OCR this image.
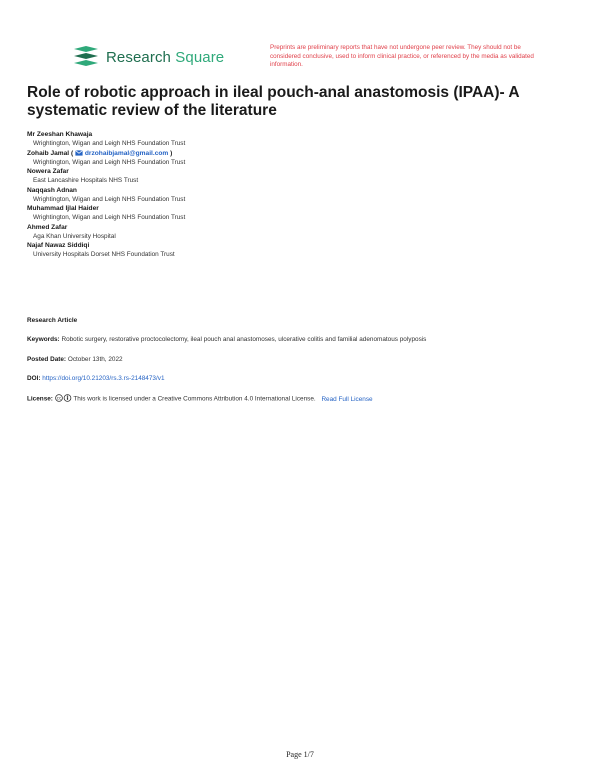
Research Square
Preprints are preliminary reports that have not undergone peer review. They should not be considered conclusive, used to inform clinical practice, or referenced by the media as validated information.
Role of robotic approach in ileal pouch-anal anastomosis (IPAA)- A systematic review of the literature
Mr Zeeshan Khawaja
Wrightington, Wigan and Leigh NHS Foundation Trust
Zohaib Jamal ( drzohaibjamal@gmail.com )
Wrightington, Wigan and Leigh NHS Foundation Trust
Nowera Zafar
East Lancashire Hospitals NHS Trust
Naqqash Adnan
Wrightington, Wigan and Leigh NHS Foundation Trust
Muhammad Ijlal Haider
Wrightington, Wigan and Leigh NHS Foundation Trust
Ahmed Zafar
Aga Khan University Hospital
Najaf Nawaz Siddiqi
University Hospitals Dorset NHS Foundation Trust
Research Article
Keywords: Robotic surgery, restorative proctocolectomy, ileal pouch anal anastomoses, ulcerative colitis and familial adenomatous polyposis
Posted Date: October 13th, 2022
DOI: https://doi.org/10.21203/rs.3.rs-2148473/v1
License: cc This work is licensed under a Creative Commons Attribution 4.0 International License. Read Full License
Page 1/7
